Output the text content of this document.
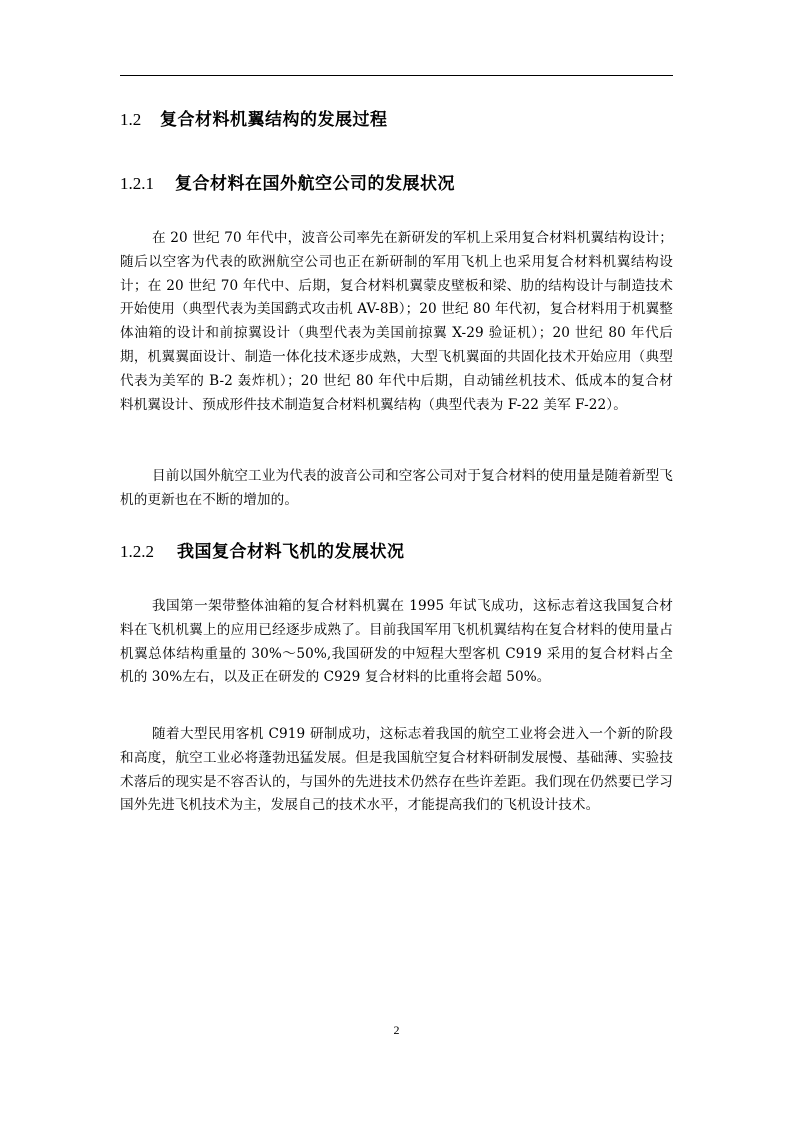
1.2 复合材料机翼结构的发展过程
1.2.1 复合材料在国外航空公司的发展状况

在 20 世纪 70 年代中，波音公司率先在新研发的军机上采用复合材料机翼结构设计；随后以空客为代表的欧洲航空公司也正在新研制的军用飞机上也采用复合材料机翼结构设计；在 20 世纪 70 年代中、后期，复合材料机翼蒙皮壁板和梁、肋的结构设计与制造技术开始使用（典型代表为美国鹞式攻击机 AV-8B）；20 世纪 80 年代初，复合材料用于机翼整体油箱的设计和前掠翼设计（典型代表为美国前掠翼 X-29 验证机）；20 世纪 80 年代后期，机翼翼面设计、制造一体化技术逐步成熟，大型飞机翼面的共固化技术开始应用（典型代表为美军的 B-2 轰炸机）；20 世纪 80 年代中后期，自动铺丝机技术、低成本的复合材料机翼设计、预成形件技术制造复合材料机翼结构（典型代表为 F-22 美军 F-22）。

目前以国外航空工业为代表的波音公司和空客公司对于复合材料的使用量是随着新型飞机的更新也在不断的增加的。

1.2.2 我国复合材料飞机的发展状况

我国第一架带整体油箱的复合材料机翼在 1995 年试飞成功，这标志着这我国复合材料在飞机机翼上的应用已经逐步成熟了。目前我国军用飞机机翼结构在复合材料的使用量占机翼总体结构重量的 30%～50%,我国研发的中短程大型客机 C919 采用的复合材料占全机的 30%左右，以及正在研发的 C929 复合材料的比重将会超 50%。

随着大型民用客机 C919 研制成功，这标志着我国的航空工业将会进入一个新的阶段和高度，航空工业必将蓬勃迅猛发展。但是我国航空复合材料研制发展慢、基础薄、实验技术落后的现实是不容否认的，与国外的先进技术仍然存在些许差距。我们现在仍然要已学习国外先进飞机技术为主，发展自己的技术水平，才能提高我们的飞机设计技术。

2
